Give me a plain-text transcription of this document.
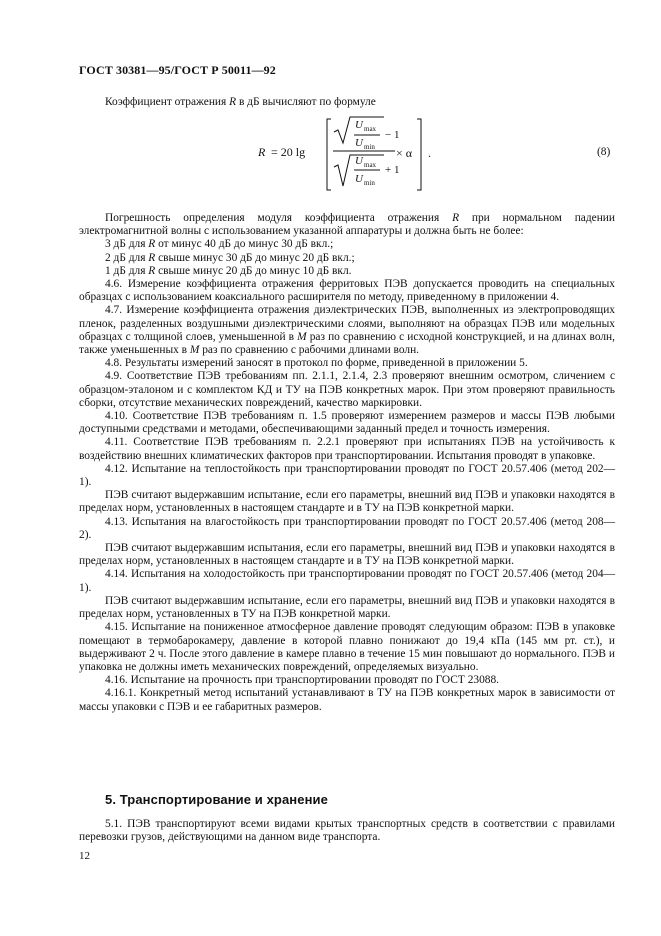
ГОСТ 30381—95/ГОСТ Р 50011—92

Коэффициент отражения R в дБ вычисляют по формуле

R = 20 lg
U max
U min
− 1
U max
U min
+ 1
× α .	(8)

Погрешность определения модуля коэффициента отражения R при нормальном падении электромагнитной волны с использованием указанной аппаратуры и должна быть не более:

3 дБ для R от минус 40 дБ до минус 30 дБ вкл.;

2 дБ для R свыше минус 30 дБ до минус 20 дБ вкл.;

1 дБ для R свыше минус 20 дБ до минус 10 дБ вкл.

4.6. Измерение коэффициента отражения ферритовых ПЭВ допускается проводить на специальных образцах с использованием коаксиального расширителя по методу, приведенному в приложении 4.

4.7. Измерение коэффициента отражения диэлектрических ПЭВ, выполненных из электропроводящих пленок, разделенных воздушными диэлектрическими слоями, выполняют на образцах ПЭВ или модельных образцах с толщиной слоев, уменьшенной в М раз по сравнению с исходной конструкцией, и на длинах волн, также уменьшенных в М раз по сравнению с рабочими длинами волн.

4.8. Результаты измерений заносят в протокол по форме, приведенной в приложении 5.

4.9. Соответствие ПЭВ требованиям пп. 2.1.1, 2.1.4, 2.3 проверяют внешним осмотром, сличением с образцом-эталоном и с комплектом КД и ТУ на ПЭВ конкретных марок. При этом проверяют правильность сборки, отсутствие механических повреждений, качество маркировки.

4.10. Соответствие ПЭВ требованиям п. 1.5 проверяют измерением размеров и массы ПЭВ любыми доступными средствами и методами, обеспечивающими заданный предел и точность измерения.

4.11. Соответствие ПЭВ требованиям п. 2.2.1 проверяют при испытаниях ПЭВ на устойчивость к воздействию внешних климатических факторов при транспортировании. Испытания проводят в упаковке.

4.12. Испытание на теплостойкость при транспортировании проводят по ГОСТ 20.57.406 (метод 202—1).

ПЭВ считают выдержавшим испытание, если его параметры, внешний вид ПЭВ и упаковки находятся в пределах норм, установленных в настоящем стандарте и в ТУ на ПЭВ конкретной марки.

4.13. Испытания на влагостойкость при транспортировании проводят по ГОСТ 20.57.406 (метод 208—2).

ПЭВ считают выдержавшим испытания, если его параметры, внешний вид ПЭВ и упаковки находятся в пределах норм, установленных в настоящем стандарте и в ТУ на ПЭВ конкретной марки.

4.14. Испытания на холодостойкость при транспортировании проводят по ГОСТ 20.57.406 (метод 204—1).

ПЭВ считают выдержавшим испытание, если его параметры, внешний вид ПЭВ и упаковки находятся в пределах норм, установленных в ТУ на ПЭВ конкретной марки.

4.15. Испытание на пониженное атмосферное давление проводят следующим образом: ПЭВ в упаковке помещают в термобарокамеру, давление в которой плавно понижают до 19,4 кПа (145 мм рт. ст.), и выдерживают 2 ч. После этого давление в камере плавно в течение 15 мин повышают до нормального. ПЭВ и упаковка не должны иметь механических повреждений, определяемых визуально.

4.16. Испытание на прочность при транспортировании проводят по ГОСТ 23088.

4.16.1. Конкретный метод испытаний устанавливают в ТУ на ПЭВ конкретных марок в зависимости от массы упаковки с ПЭВ и ее габаритных размеров.

5. Транспортирование и хранение

5.1. ПЭВ транспортируют всеми видами крытых транспортных средств в соответствии с правилами перевозки грузов, действующими на данном виде транспорта.

12
